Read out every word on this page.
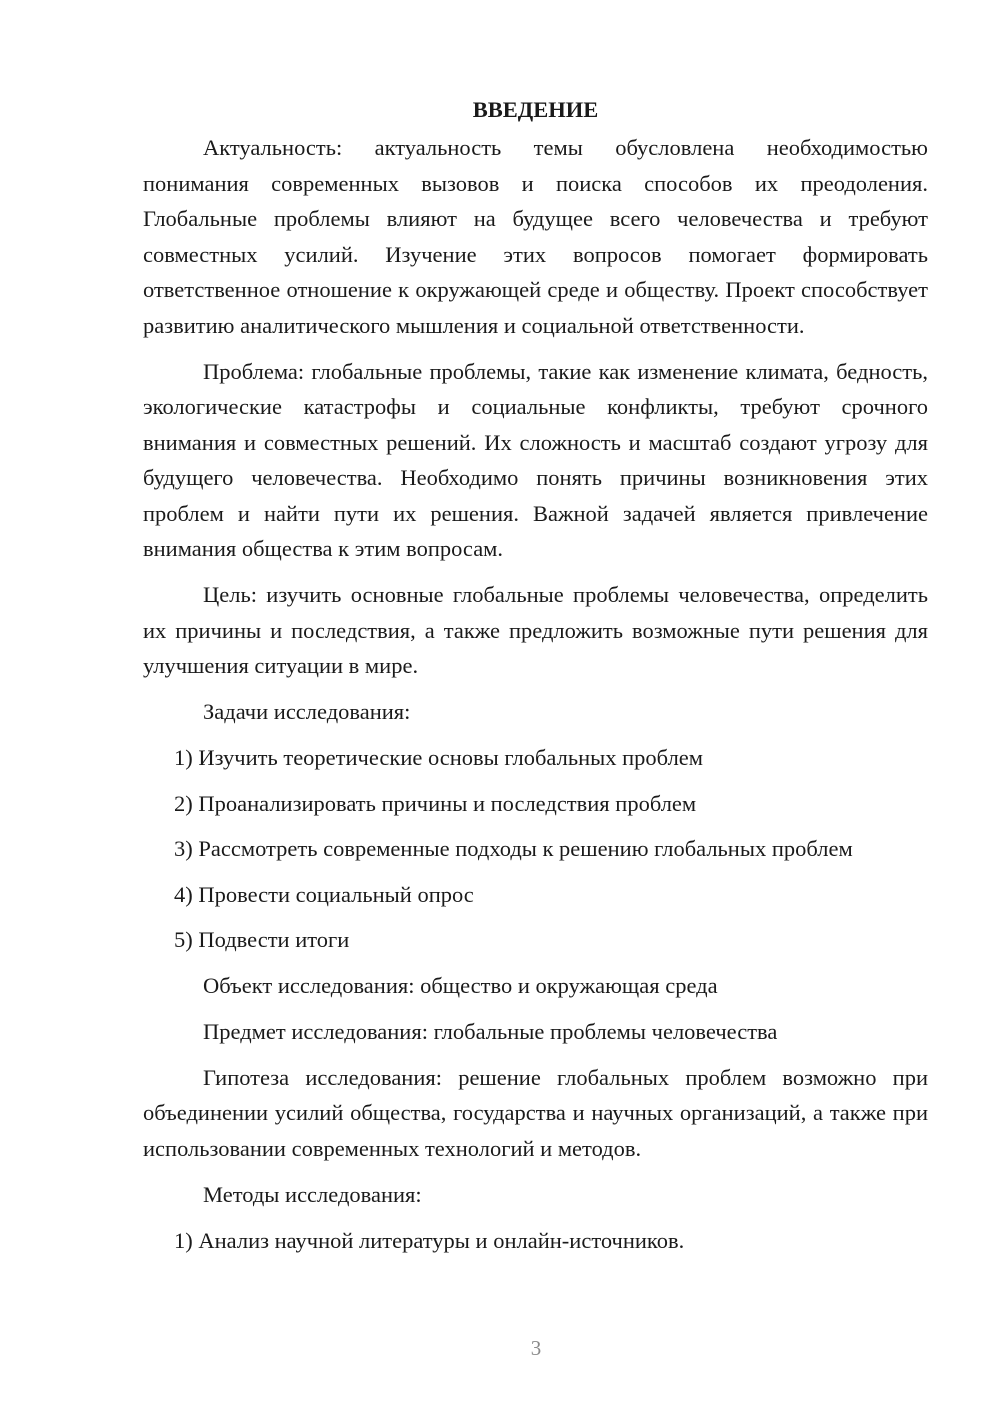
ВВЕДЕНИЕ

Актуальность: актуальность темы обусловлена необходимостью понимания современных вызовов и поиска способов их преодоления. Глобальные проблемы влияют на будущее всего человечества и требуют совместных усилий. Изучение этих вопросов помогает формировать ответственное отношение к окружающей среде и обществу. Проект способствует развитию аналитического мышления и социальной ответственности.

Проблема: глобальные проблемы, такие как изменение климата, бедность, экологические катастрофы и социальные конфликты, требуют срочного внимания и совместных решений. Их сложность и масштаб создают угрозу для будущего человечества. Необходимо понять причины возникновения этих проблем и найти пути их решения. Важной задачей является привлечение внимания общества к этим вопросам.

Цель: изучить основные глобальные проблемы человечества, определить их причины и последствия, а также предложить возможные пути решения для улучшения ситуации в мире.

Задачи исследования:

1) Изучить теоретические основы глобальных проблем
2) Проанализировать причины и последствия проблем
3) Рассмотреть современные подходы к решению глобальных проблем
4) Провести социальный опрос
5) Подвести итоги

Объект исследования: общество и окружающая среда

Предмет исследования: глобальные проблемы человечества

Гипотеза исследования: решение глобальных проблем возможно при объединении усилий общества, государства и научных организаций, а также при использовании современных технологий и методов.

Методы исследования:

1) Анализ научной литературы и онлайн-источников.
3
